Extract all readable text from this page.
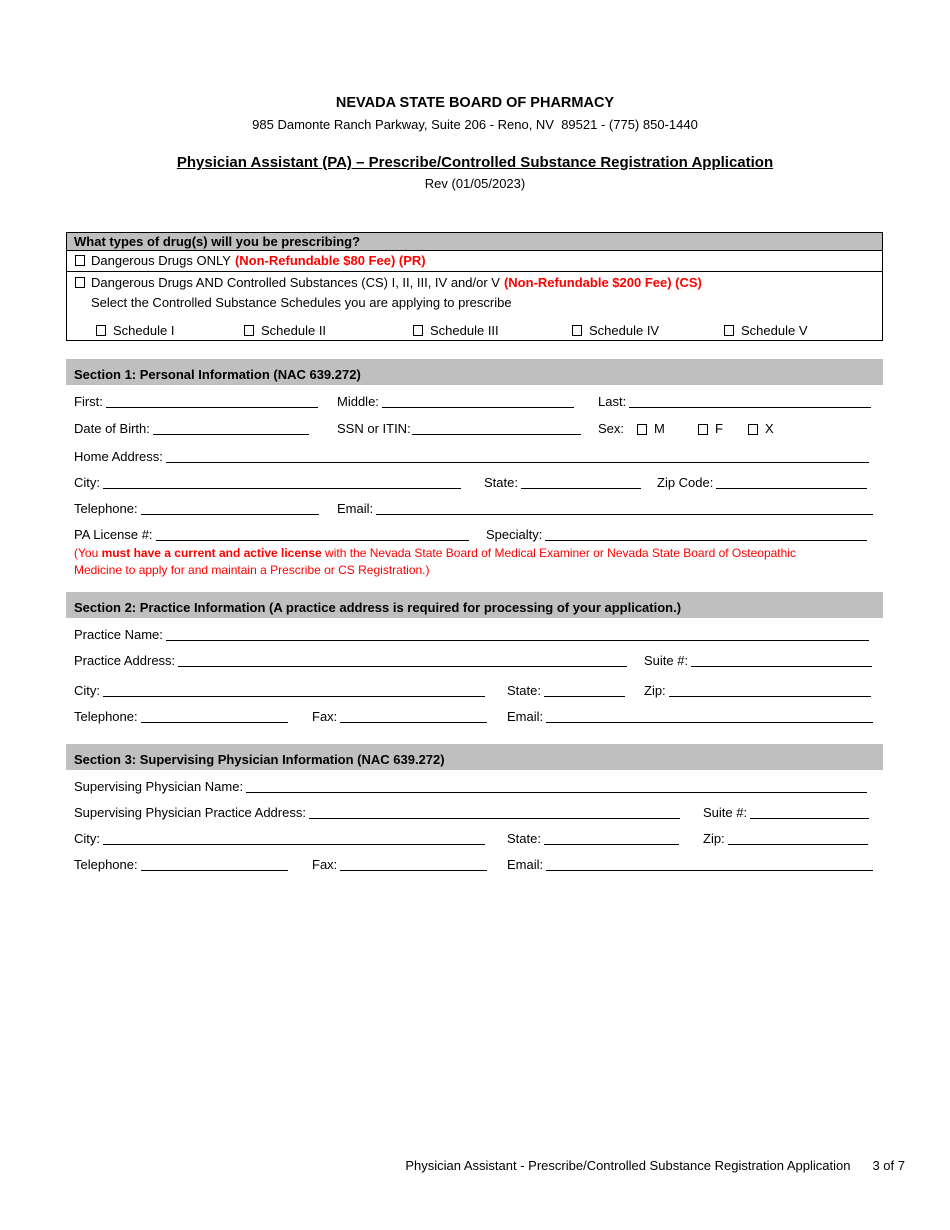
NEVADA STATE BOARD OF PHARMACY
985 Damonte Ranch Parkway, Suite 206 - Reno, NV  89521 - (775) 850-1440
Physician Assistant (PA) – Prescribe/Controlled Substance Registration Application
Rev (01/05/2023)
What types of drug(s) will you be prescribing?
Dangerous Drugs ONLY (Non-Refundable $80 Fee) (PR)
Dangerous Drugs AND Controlled Substances (CS) I, II, III, IV and/or V (Non-Refundable $200 Fee) (CS)
Select the Controlled Substance Schedules you are applying to prescribe
Schedule I	Schedule II	Schedule III	Schedule IV	Schedule V
Section 1: Personal Information (NAC 639.272)
First:	Middle:	Last:
Date of Birth:	SSN or ITIN:	Sex: M	F	X
Home Address:
City:	State:	Zip Code:
Telephone:	Email:
PA License #:	Specialty:
(You must have a current and active license with the Nevada State Board of Medical Examiner or Nevada State Board of Osteopathic
Medicine to apply for and maintain a Prescribe or CS Registration.)
Section 2: Practice Information (A practice address is required for processing of your application.)
Practice Name:
Practice Address:	Suite #:
City:	State:	Zip:
Telephone:	Fax:	Email:
Section 3: Supervising Physician Information (NAC 639.272)
Supervising Physician Name:
Supervising Physician Practice Address:	Suite #:
City:	State:	Zip:
Telephone:	Fax:	Email:
Physician Assistant - Prescribe/Controlled Substance Registration Application 3 of 7
